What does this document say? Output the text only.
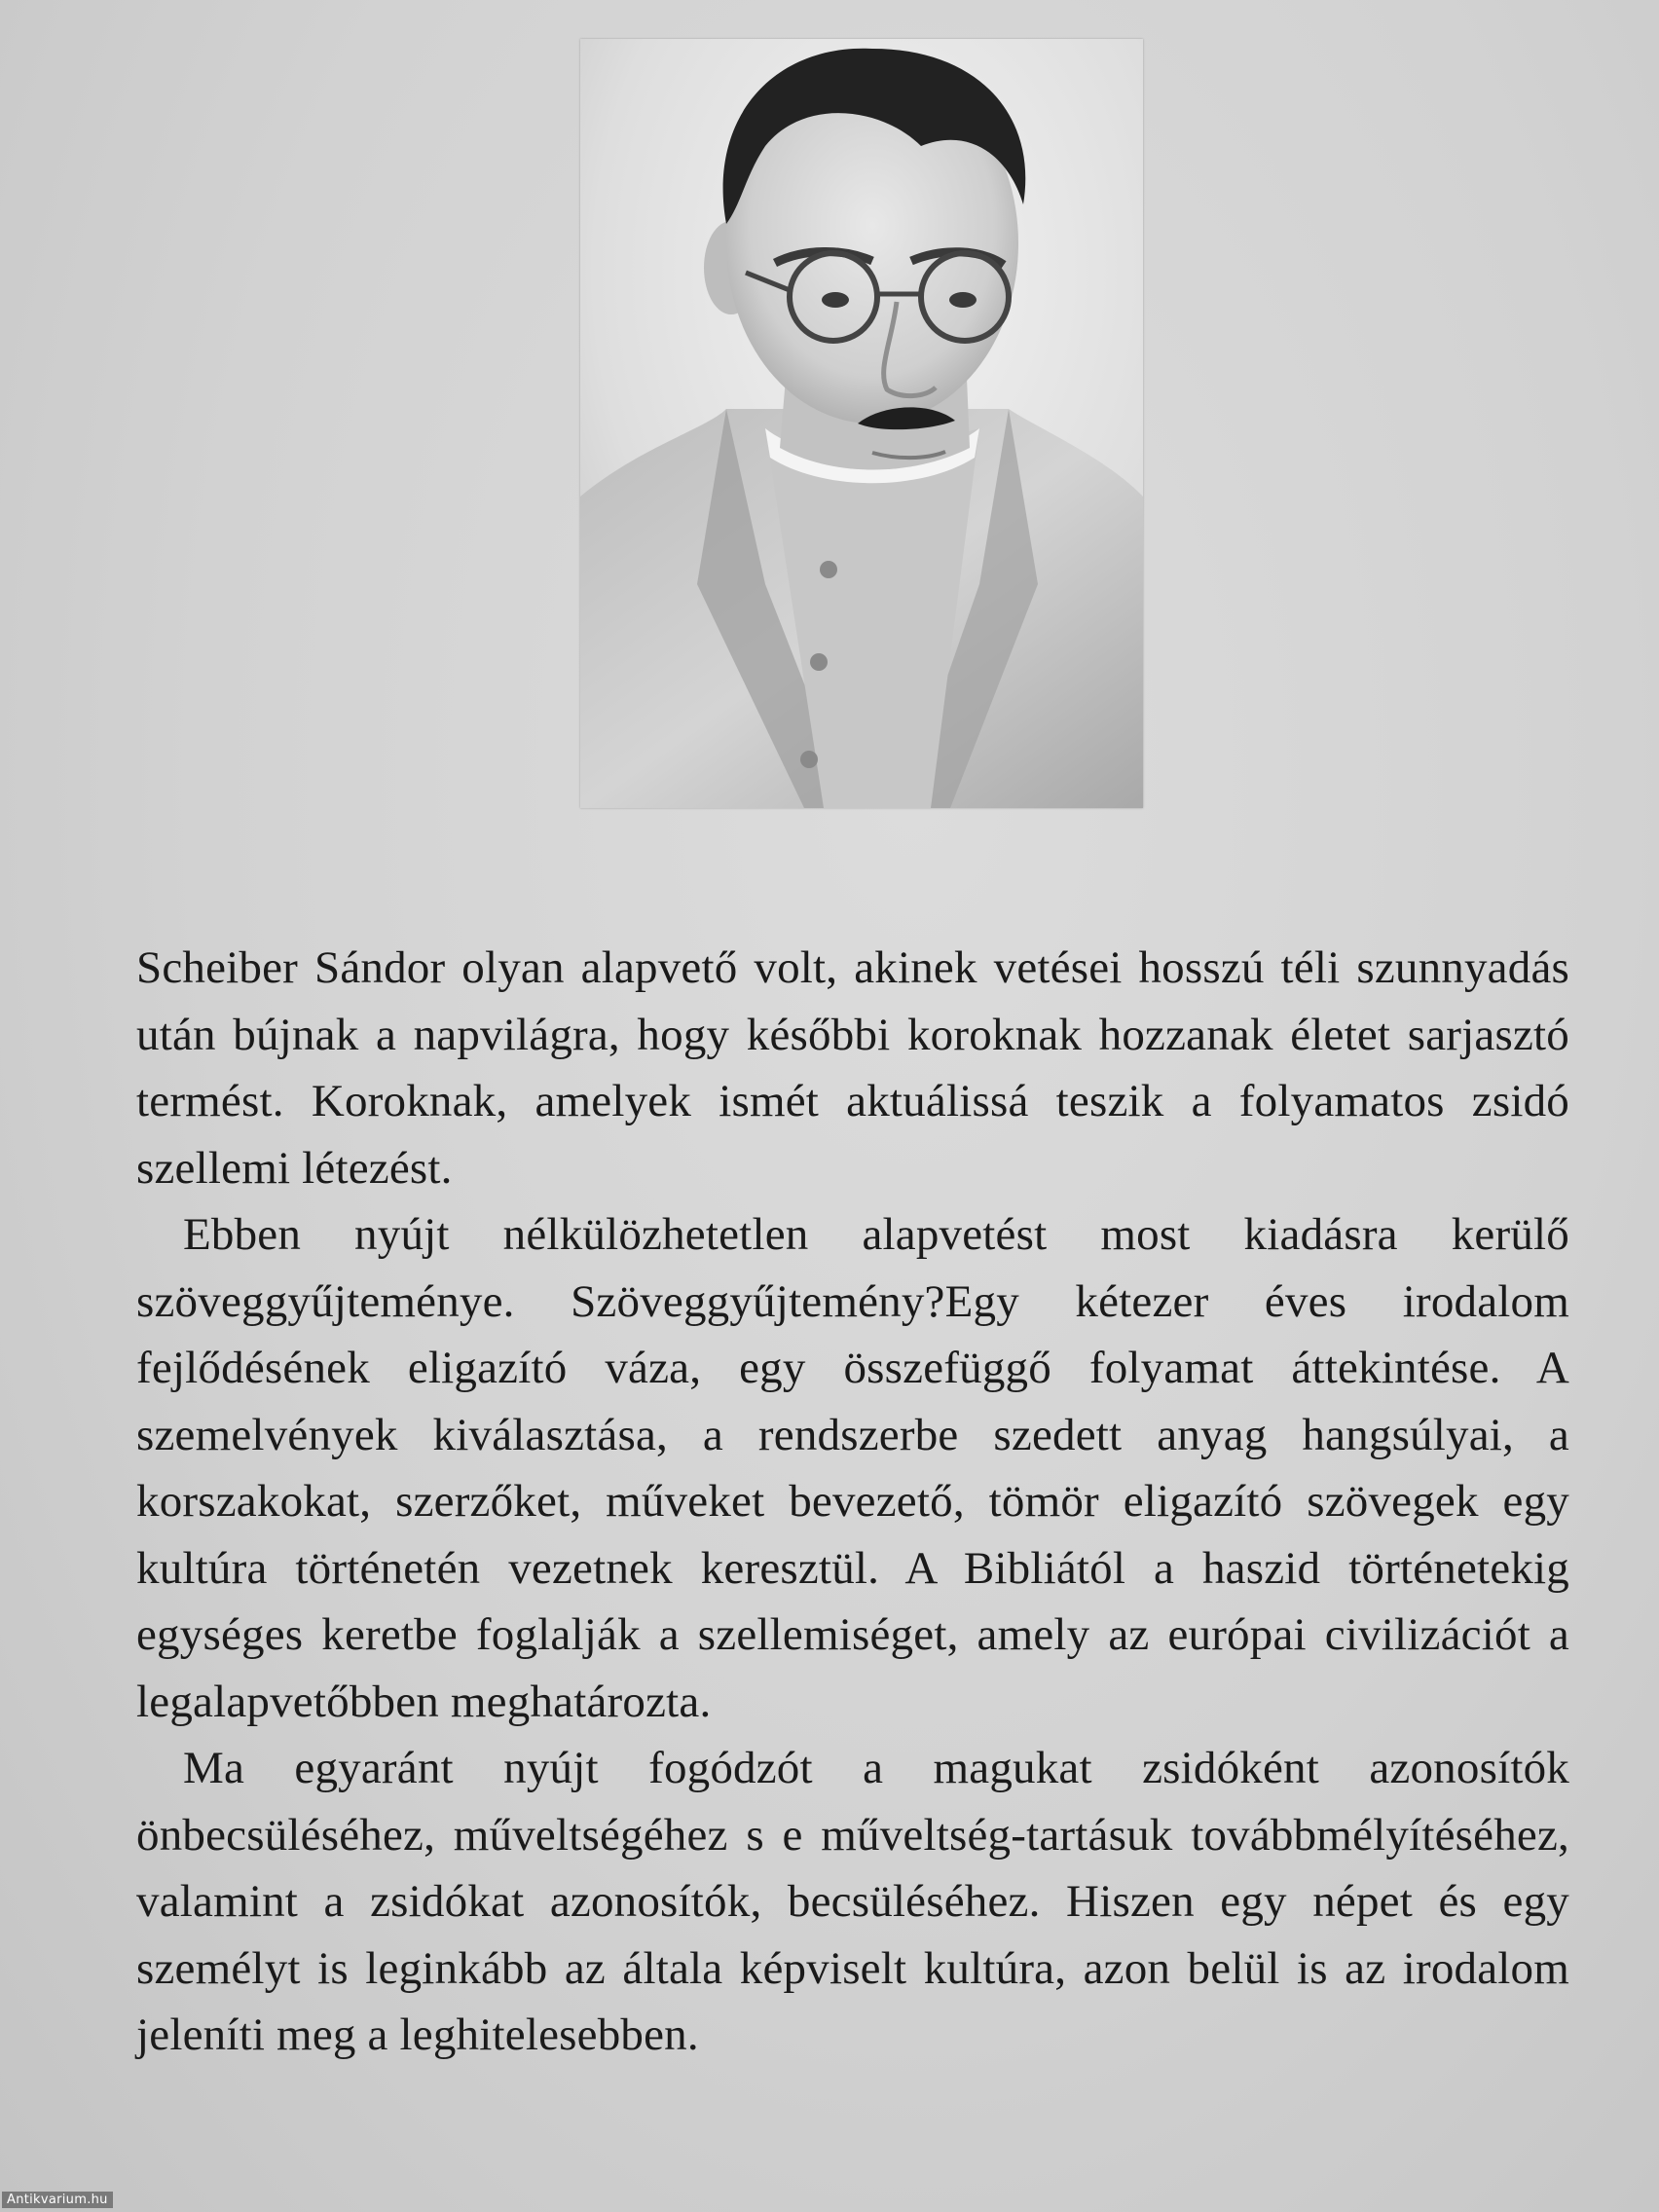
Scheiber Sándor olyan alapvető volt, akinek vetései hosszú téli szunnyadás után bújnak a napvilágra, hogy későbbi koroknak hozzanak életet sarjasztó termést. Koroknak, amelyek ismét aktuálissá teszik a folyamatos zsidó szellemi létezést.

Ebben nyújt nélkülözhetetlen alapvetést most kiadásra kerülő szöveggyűjteménye. Szöveggyűjtemény?Egy kétezer éves irodalom fejlődésének eligazító váza, egy összefüggő folyamat áttekintése. A szemelvények kiválasztása, a rendszerbe szedett anyag hangsúlyai, a korszakokat, szerzőket, műveket bevezető, tömör eligazító szövegek egy kultúra történetén vezetnek keresztül. A Bibliától a haszid történetekig egységes keretbe foglalják a szellemiséget, amely az európai civilizációt a legalapvetőbben meghatározta.

Ma egyaránt nyújt fogódzót a magukat zsidóként azonosítók önbecsüléséhez, műveltségéhez s e műveltség-tartásuk továbbmélyítéséhez, valamint a zsidókat azonosítók, becsüléséhez. Hiszen egy népet és egy személyt is leginkább az általa képviselt kultúra, azon belül is az irodalom jeleníti meg a leghitelesebben.

Antikvarium.hu
